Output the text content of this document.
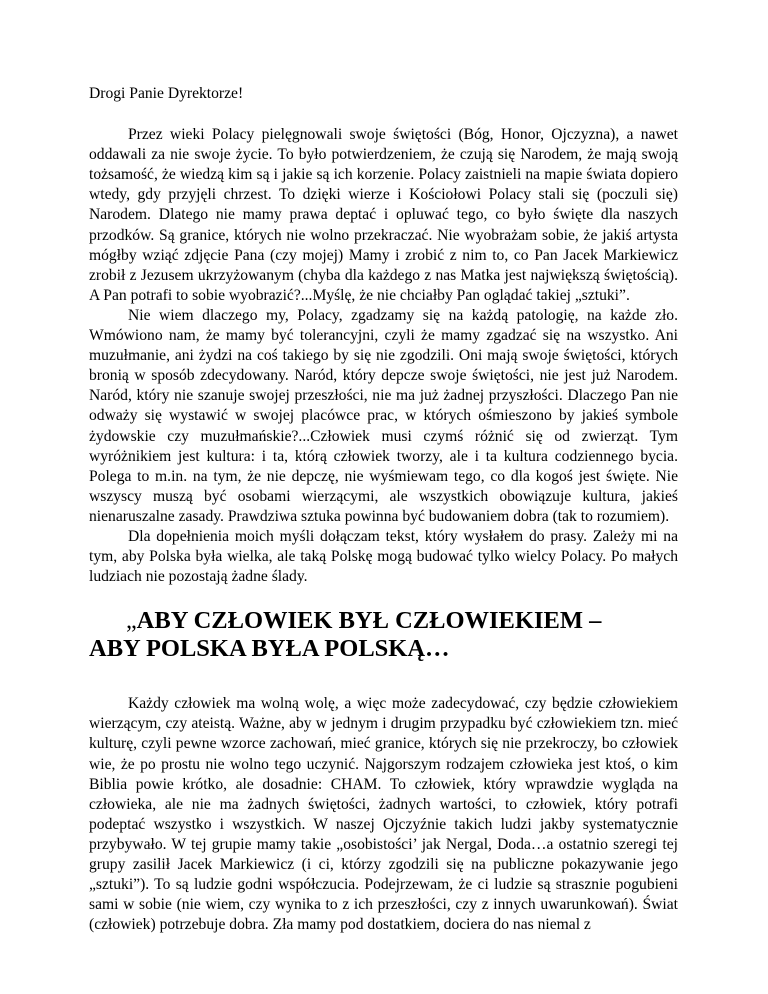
Drogi Panie Dyrektorze!

Przez wieki Polacy pielęgnowali swoje świętości (Bóg, Honor, Ojczyzna), a nawet oddawali za nie swoje życie. To było potwierdzeniem, że czują się Narodem, że mają swoją tożsamość, że wiedzą kim są i jakie są ich korzenie. Polacy zaistnieli na mapie świata dopiero wtedy, gdy przyjęli chrzest. To dzięki wierze i Kościołowi Polacy stali się (poczuli się) Narodem. Dlatego nie mamy prawa deptać i opluwać tego, co było święte dla naszych przodków. Są granice, których nie wolno przekraczać. Nie wyobrażam sobie, że jakiś artysta mógłby wziąć zdjęcie Pana (czy mojej) Mamy i zrobić z nim to, co Pan Jacek Markiewicz zrobił z Jezusem ukrzyżowanym (chyba dla każdego z nas Matka jest największą świętością). A Pan potrafi to sobie wyobrazić?...Myślę, że nie chciałby Pan oglądać takiej „sztuki”.

Nie wiem dlaczego my, Polacy, zgadzamy się na każdą patologię, na każde zło. Wmówiono nam, że mamy być tolerancyjni, czyli że mamy zgadzać się na wszystko. Ani muzułmanie, ani żydzi na coś takiego by się nie zgodzili. Oni mają swoje świętości, których bronią w sposób zdecydowany. Naród, który depcze swoje świętości, nie jest już Narodem. Naród, który nie szanuje swojej przeszłości, nie ma już żadnej przyszłości. Dlaczego Pan nie odważy się wystawić w swojej placówce prac, w których ośmieszono by jakieś symbole żydowskie czy muzułmańskie?...Człowiek musi czymś różnić się od zwierząt. Tym wyróżnikiem jest kultura: i ta, którą człowiek tworzy, ale i ta kultura codziennego bycia. Polega to m.in. na tym, że nie depczę, nie wyśmiewam tego, co dla kogoś jest święte. Nie wszyscy muszą być osobami wierzącymi, ale wszystkich obowiązuje kultura, jakieś nienaruszalne zasady. Prawdziwa sztuka powinna być budowaniem dobra (tak to rozumiem).

Dla dopełnienia moich myśli dołączam tekst, który wysłałem do prasy. Zależy mi na tym, aby Polska była wielka, ale taką Polskę mogą budować tylko wielcy Polacy. Po małych ludziach nie pozostają żadne ślady.

„ABY CZŁOWIEK BYŁ CZŁOWIEKIEM –
ABY POLSKA BYŁA POLSKĄ…

Każdy człowiek ma wolną wolę, a więc może zadecydować, czy będzie człowiekiem wierzącym, czy ateistą. Ważne, aby w jednym i drugim przypadku być człowiekiem tzn. mieć kulturę, czyli pewne wzorce zachowań, mieć granice, których się nie przekroczy, bo człowiek wie, że po prostu nie wolno tego uczynić. Najgorszym rodzajem człowieka jest ktoś, o kim Biblia powie krótko, ale dosadnie: CHAM. To człowiek, który wprawdzie wygląda na człowieka, ale nie ma żadnych świętości, żadnych wartości, to człowiek, który potrafi podeptać wszystko i wszystkich. W naszej Ojczyźnie takich ludzi jakby systematycznie przybywało. W tej grupie mamy takie „osobistości’ jak Nergal, Doda…a ostatnio szeregi tej grupy zasilił Jacek Markiewicz (i ci, którzy zgodzili się na publiczne pokazywanie jego „sztuki”). To są ludzie godni współczucia. Podejrzewam, że ci ludzie są strasznie pogubieni sami w sobie (nie wiem, czy wynika to z ich przeszłości, czy z innych uwarunkowań). Świat (człowiek) potrzebuje dobra. Zła mamy pod dostatkiem, dociera do nas niemal z
